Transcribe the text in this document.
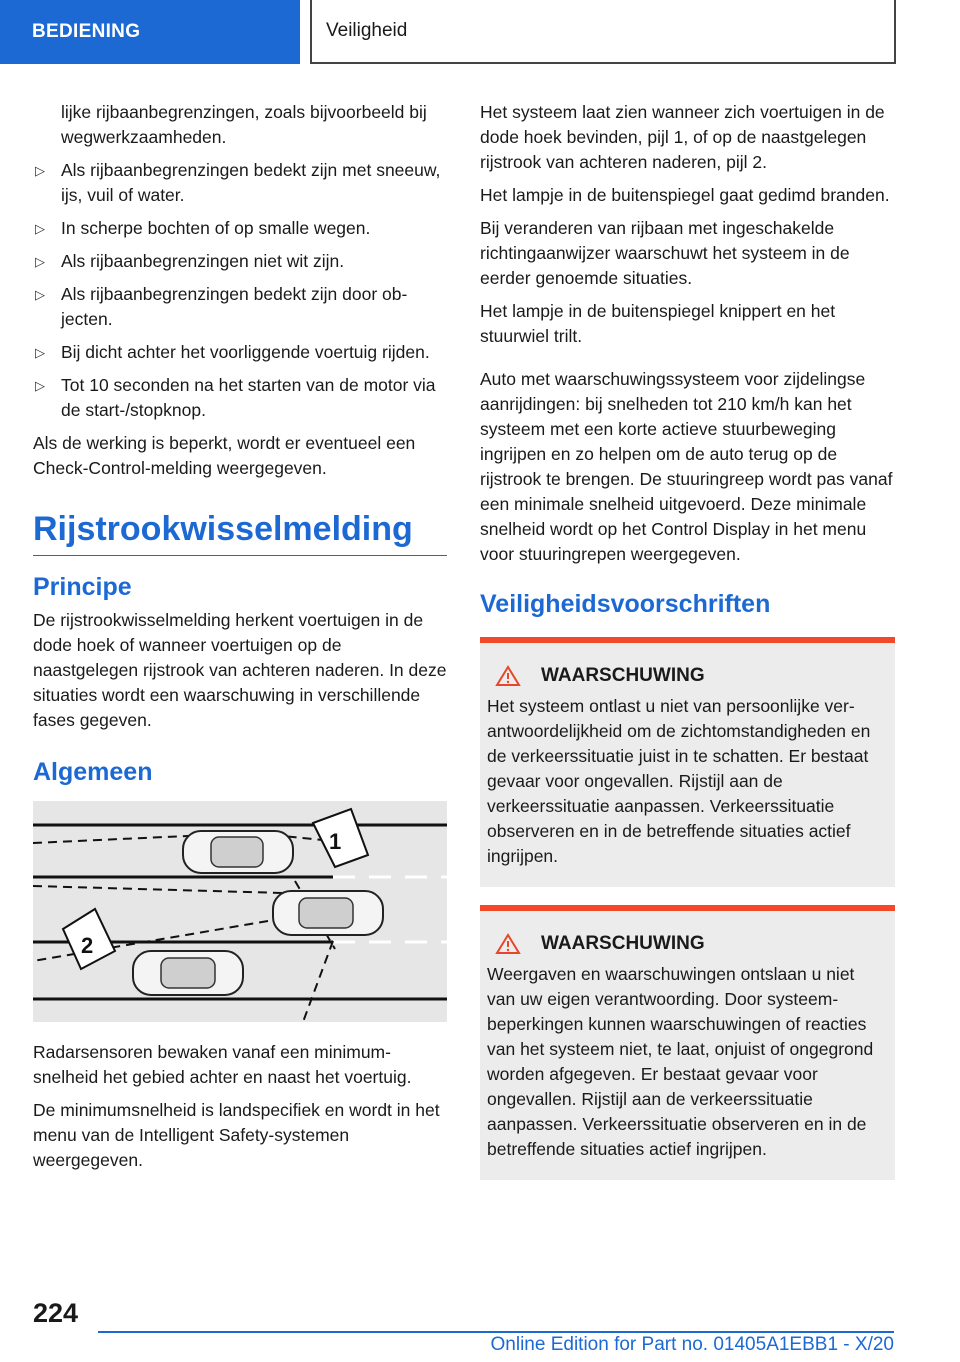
BEDIENING	Veiligheid
lijke rijbaanbegrenzingen, zoals bijvoorbeeld bij wegwerkzaamheden.
▷ Als rijbaanbegrenzingen bedekt zijn met sneeuw, ijs, vuil of water.
▷ In scherpe bochten of op smalle wegen.
▷ Als rijbaanbegrenzingen niet wit zijn.
▷ Als rijbaanbegrenzingen bedekt zijn door objecten.
▷ Bij dicht achter het voorliggende voertuig rijden.
▷ Tot 10 seconden na het starten van de motor via de start-/stopknop.

Als de werking is beperkt, wordt er eventueel een Check-Control-melding weergegeven.

Rijstrookwisselmelding
Principe

De rijstrookwisselmelding herkent voertuigen in de dode hoek of wanneer voertuigen op de naastgelegen rijstrook van achteren naderen. In deze situaties wordt een waarschuwing in verschillende fases gegeven.

Algemeen
1
2

Radarsensoren bewaken vanaf een minimumsnelheid het gebied achter en naast het voertuig.

De minimumsnelheid is landspecifiek en wordt in het menu van de Intelligent Safety-systemen weergegeven.

Het systeem laat zien wanneer zich voertuigen in de dode hoek bevinden, pijl 1, of op de naastgelegen rijstrook van achteren naderen, pijl 2.

Het lampje in de buitenspiegel gaat gedimd branden.

Bij veranderen van rijbaan met ingeschakelde richtingaanwijzer waarschuwt het systeem in de eerder genoemde situaties.

Het lampje in de buitenspiegel knippert en het stuurwiel trilt.

Auto met waarschuwingssysteem voor zijdelingse aanrijdingen: bij snelheden tot 210 km/h kan het systeem met een korte actieve stuurbeweging ingrijpen en zo helpen om de auto terug op de rijstrook te brengen. De stuuringreep wordt pas vanaf een minimale snelheid uitgevoerd. Deze minimale snelheid wordt op het Control Display in het menu voor stuuringrepen weergegeven.

Veiligheidsvoorschriften
WAARSCHUWING
Het systeem ontlast u niet van persoonlijke verantwoordelijkheid om de zichtomstandigheden en de verkeerssituatie juist in te schatten. Er bestaat gevaar voor ongevallen. Rijstijl aan de verkeerssituatie aanpassen. Verkeerssituatie observeren en in de betreffende situaties actief ingrijpen.
WAARSCHUWING
Weergaven en waarschuwingen ontslaan u niet van uw eigen verantwoording. Door systeembeperkingen kunnen waarschuwingen of reacties van het systeem niet, te laat, onjuist of ongegrond worden afgegeven. Er bestaat gevaar voor ongevallen. Rijstijl aan de verkeerssituatie aanpassen. Verkeerssituatie observeren en in de betreffende situaties actief ingrijpen.
224
Online Edition for Part no. 01405A1EBB1 - X/20
